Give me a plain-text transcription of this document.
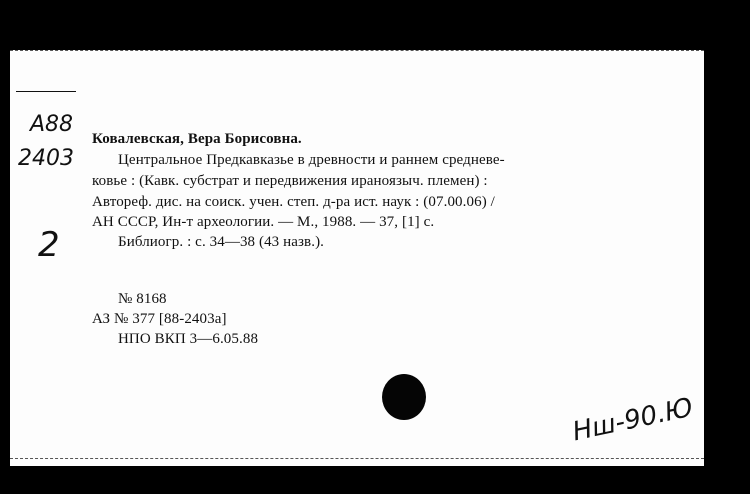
A88
2403
2
Ковалевская, Вера Борисовна.
Центральное Предкавказье в древности и раннем средневе-
ковье : (Кавк. субстрат и передвижения ираноязыч. племен) :
Автореф. дис. на соиск. учен. степ. д-ра ист. наук : (07.00.06) /
АН СССР, Ин-т археологии. — М., 1988. — 37, [1] с.
Библиогр. : с. 34—38 (43 назв.).
№ 8168
АЗ № 377 [88-2403а]
НПО ВКП 3—6.05.88
Нш-90.Ю
